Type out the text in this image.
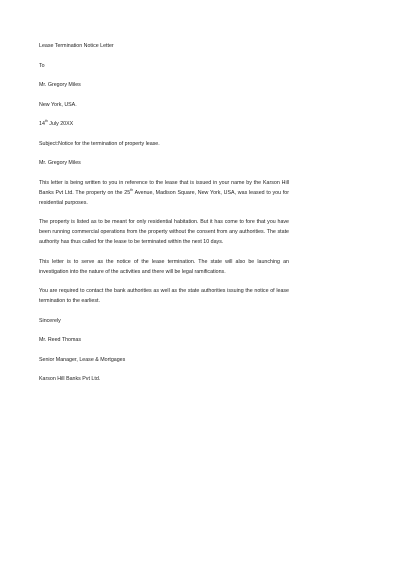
Lease Termination Notice Letter

To

Mr. Gregory Miles

New York, USA.

14th July 20XX

Subject:Notice for the termination of property lease.

Mr. Gregory Miles

This letter is being written to you in reference to the lease that is issued in your name by the Karson Hill Banks Pvt Ltd. The property on the 25th Avenue, Madison Square, New York, USA, was leased to you for residential purposes.

The property is listed as to be meant for only residential habitation. But it has come to fore that you have been running commercial operations from the property without the consent from any authorities. The state authority has thus called for the lease to be terminated within the next 10 days.

This letter is to serve as the notice of the lease termination. The state will also be launching an investigation into the nature of the activities and there will be legal ramifications.

You are required to contact the bank authorities as well as the state authorities issuing the notice of lease termination to the earliest.

Sincerely

Mr. Reed Thomas

Senior Manager, Lease & Mortgages

Karson Hill Banks Pvt Ltd.
